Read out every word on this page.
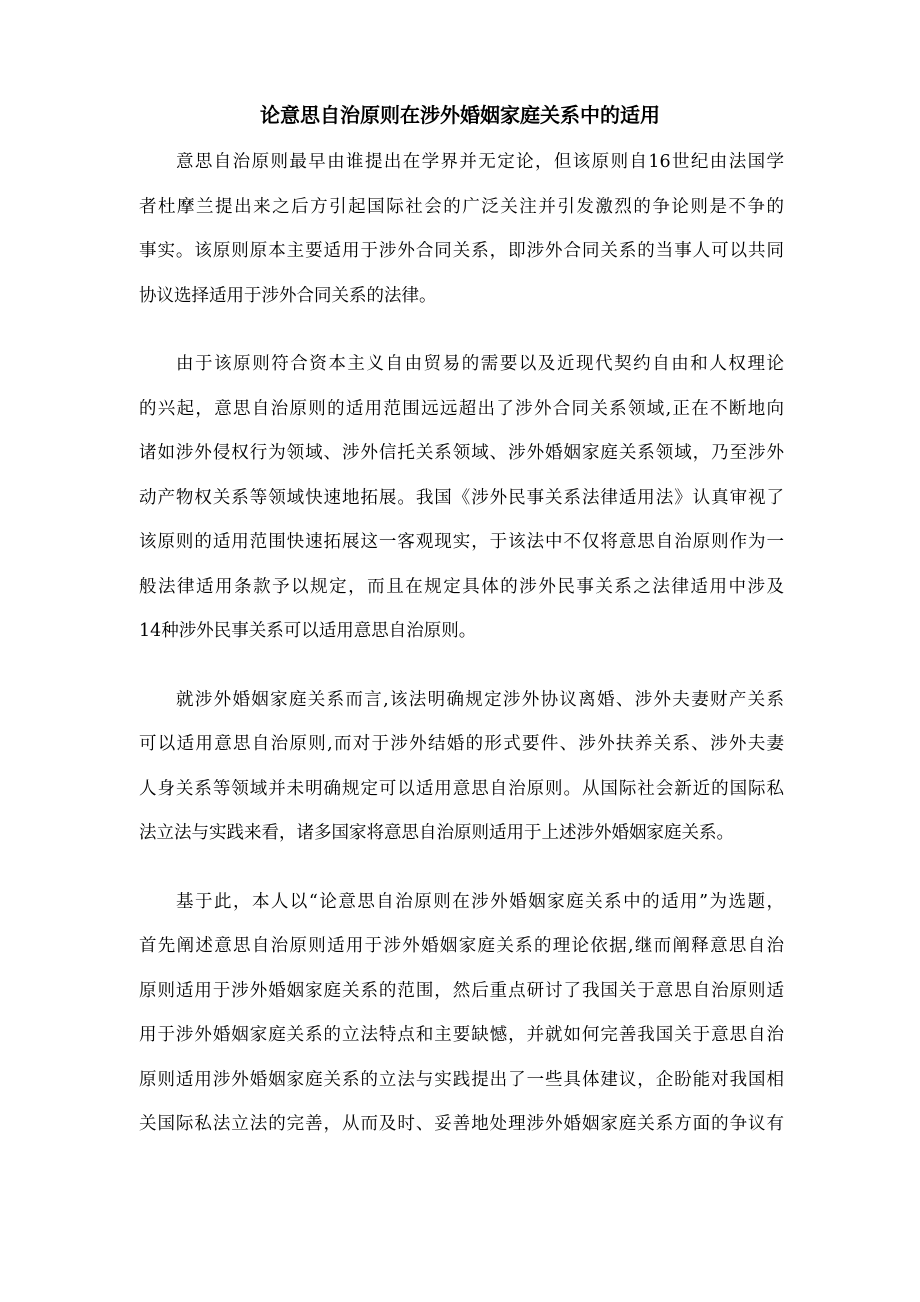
论意思自治原则在涉外婚姻家庭关系中的适用

意思自治原则最早由谁提出在学界并无定论，但该原则自16世纪由法国学
者杜摩兰提出来之后方引起国际社会的广泛关注并引发激烈的争论则是不争的
事实。该原则原本主要适用于涉外合同关系，即涉外合同关系的当事人可以共同
协议选择适用于涉外合同关系的法律。

由于该原则符合资本主义自由贸易的需要以及近现代契约自由和人权理论
的兴起，意思自治原则的适用范围远远超出了涉外合同关系领域,正在不断地向
诸如涉外侵权行为领域、涉外信托关系领域、涉外婚姻家庭关系领域，乃至涉外
动产物权关系等领域快速地拓展。我国《涉外民事关系法律适用法》认真审视了
该原则的适用范围快速拓展这一客观现实，于该法中不仅将意思自治原则作为一
般法律适用条款予以规定，而且在规定具体的涉外民事关系之法律适用中涉及
14种涉外民事关系可以适用意思自治原则。

就涉外婚姻家庭关系而言,该法明确规定涉外协议离婚、涉外夫妻财产关系
可以适用意思自治原则,而对于涉外结婚的形式要件、涉外扶养关系、涉外夫妻
人身关系等领域并未明确规定可以适用意思自治原则。从国际社会新近的国际私
法立法与实践来看，诸多国家将意思自治原则适用于上述涉外婚姻家庭关系。

基于此，本人以“论意思自治原则在涉外婚姻家庭关系中的适用”为选题，
首先阐述意思自治原则适用于涉外婚姻家庭关系的理论依据,继而阐释意思自治
原则适用于涉外婚姻家庭关系的范围，然后重点研讨了我国关于意思自治原则适
用于涉外婚姻家庭关系的立法特点和主要缺憾，并就如何完善我国关于意思自治
原则适用涉外婚姻家庭关系的立法与实践提出了一些具体建议，企盼能对我国相
关国际私法立法的完善，从而及时、妥善地处理涉外婚姻家庭关系方面的争议有
